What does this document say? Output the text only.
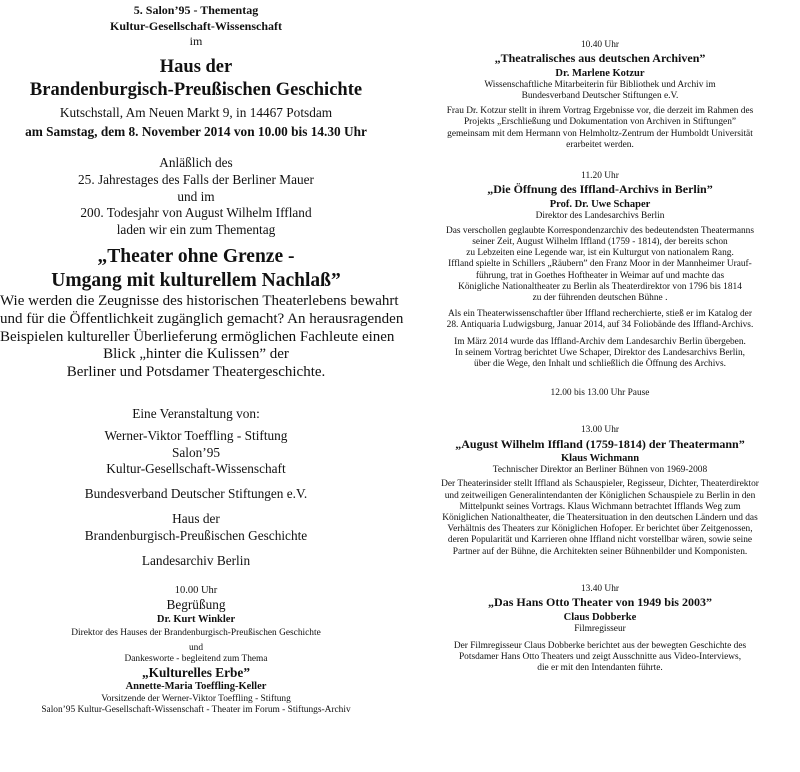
5. Salon’95 - Thementag
Kultur-Gesellschaft-Wissenschaft
im
Haus der
Brandenburgisch-Preußischen Geschichte
Kutschstall, Am Neuen Markt 9, in 14467 Potsdam
am Samstag, dem 8. November 2014 von 10.00 bis 14.30 Uhr
Anläßlich des
25. Jahrestages des Falls der Berliner Mauer
und im
200. Todesjahr von August Wilhelm Iffland
laden wir ein zum Thementag
„Theater ohne Grenze -
Umgang mit kulturellem Nachlaß”
Wie werden die Zeugnisse des historischen Theaterlebens bewahrt
und für die Öffentlichkeit zugänglich gemacht? An herausragenden
Beispielen kultureller Überlieferung ermöglichen Fachleute einen
Blick „hinter die Kulissen” der
Berliner und Potsdamer Theatergeschichte.
Eine Veranstaltung von:
Werner-Viktor Toeffling - Stiftung
Salon’95
Kultur-Gesellschaft-Wissenschaft
Bundesverband Deutscher Stiftungen e.V.
Haus der
Brandenburgisch-Preußischen Geschichte
Landesarchiv Berlin
10.00 Uhr
Begrüßung
Dr. Kurt Winkler
Direktor des Hauses der Brandenburgisch-Preußischen Geschichte
und
Dankesworte - begleitend zum Thema
„Kulturelles Erbe”
Annette-Maria Toeffling-Keller
Vorsitzende der Werner-Viktor Toeffling - Stiftung
Salon’95 Kultur-Gesellschaft-Wissenschaft - Theater im Forum - Stiftungs-Archiv
10.40 Uhr
„Theatralisches aus deutschen Archiven”
Dr. Marlene Kotzur
Wissenschaftliche Mitarbeiterin für Bibliothek und Archiv im
Bundesverband Deutscher Stiftungen e.V.
Frau Dr. Kotzur stellt in ihrem Vortrag Ergebnisse vor, die derzeit im Rahmen des
Projekts „Erschließung und Dokumentation von Archiven in Stiftungen”
gemeinsam mit dem Hermann von Helmholtz-Zentrum der Humboldt Universität
erarbeitet werden.
11.20 Uhr
„Die Öffnung des Iffland-Archivs in Berlin”
Prof. Dr. Uwe Schaper
Direktor des Landesarchivs Berlin
Das verschollen geglaubte Korrespondenzarchiv des bedeutendsten Theatermanns
seiner Zeit, August Wilhelm Iffland (1759 - 1814), der bereits schon
zu Lebzeiten eine Legende war, ist ein Kulturgut von nationalem Rang.
Iffland spielte in Schillers „Räubern” den Franz Moor in der Mannheimer Urauf-
führung, trat in Goethes Hoftheater in Weimar auf und machte das
Königliche Nationaltheater zu Berlin als Theaterdirektor von 1796 bis 1814
zu der führenden deutschen Bühne .
Als ein Theaterwissenschaftler über Iffland recherchierte, stieß er im Katalog der
28. Antiquaria Ludwigsburg, Januar 2014, auf 34 Foliobände des Iffland-Archivs.
Im März 2014 wurde das Iffland-Archiv dem Landesarchiv Berlin übergeben.
In seinem Vortrag berichtet Uwe Schaper, Direktor des Landesarchivs Berlin,
über die Wege, den Inhalt und schließlich die Öffnung des Archivs.
12.00 bis 13.00 Uhr Pause
13.00 Uhr
„August Wilhelm Iffland (1759-1814) der Theatermann”
Klaus Wichmann
Technischer Direktor an Berliner Bühnen von 1969-2008
Der Theaterinsider stellt Iffland als Schauspieler, Regisseur, Dichter, Theaterdirektor
und zeitweiligen Generalintendanten der Königlichen Schauspiele zu Berlin in den
Mittelpunkt seines Vortrags. Klaus Wichmann betrachtet Ifflands Weg zum
Königlichen Nationaltheater, die Theatersituation in den deutschen Ländern und das
Verhältnis des Theaters zur Königlichen Hofoper. Er berichtet über Zeitgenossen,
deren Popularität und Karrieren ohne Iffland nicht vorstellbar wären, sowie seine
Partner auf der Bühne, die Architekten seiner Bühnenbilder und Komponisten.
13.40 Uhr
„Das Hans Otto Theater von 1949 bis 2003”
Claus Dobberke
Filmregisseur
Der Filmregisseur Claus Dobberke berichtet aus der bewegten Geschichte des
Potsdamer Hans Otto Theaters und zeigt Ausschnitte aus Video-Interviews,
die er mit den Intendanten führte.
